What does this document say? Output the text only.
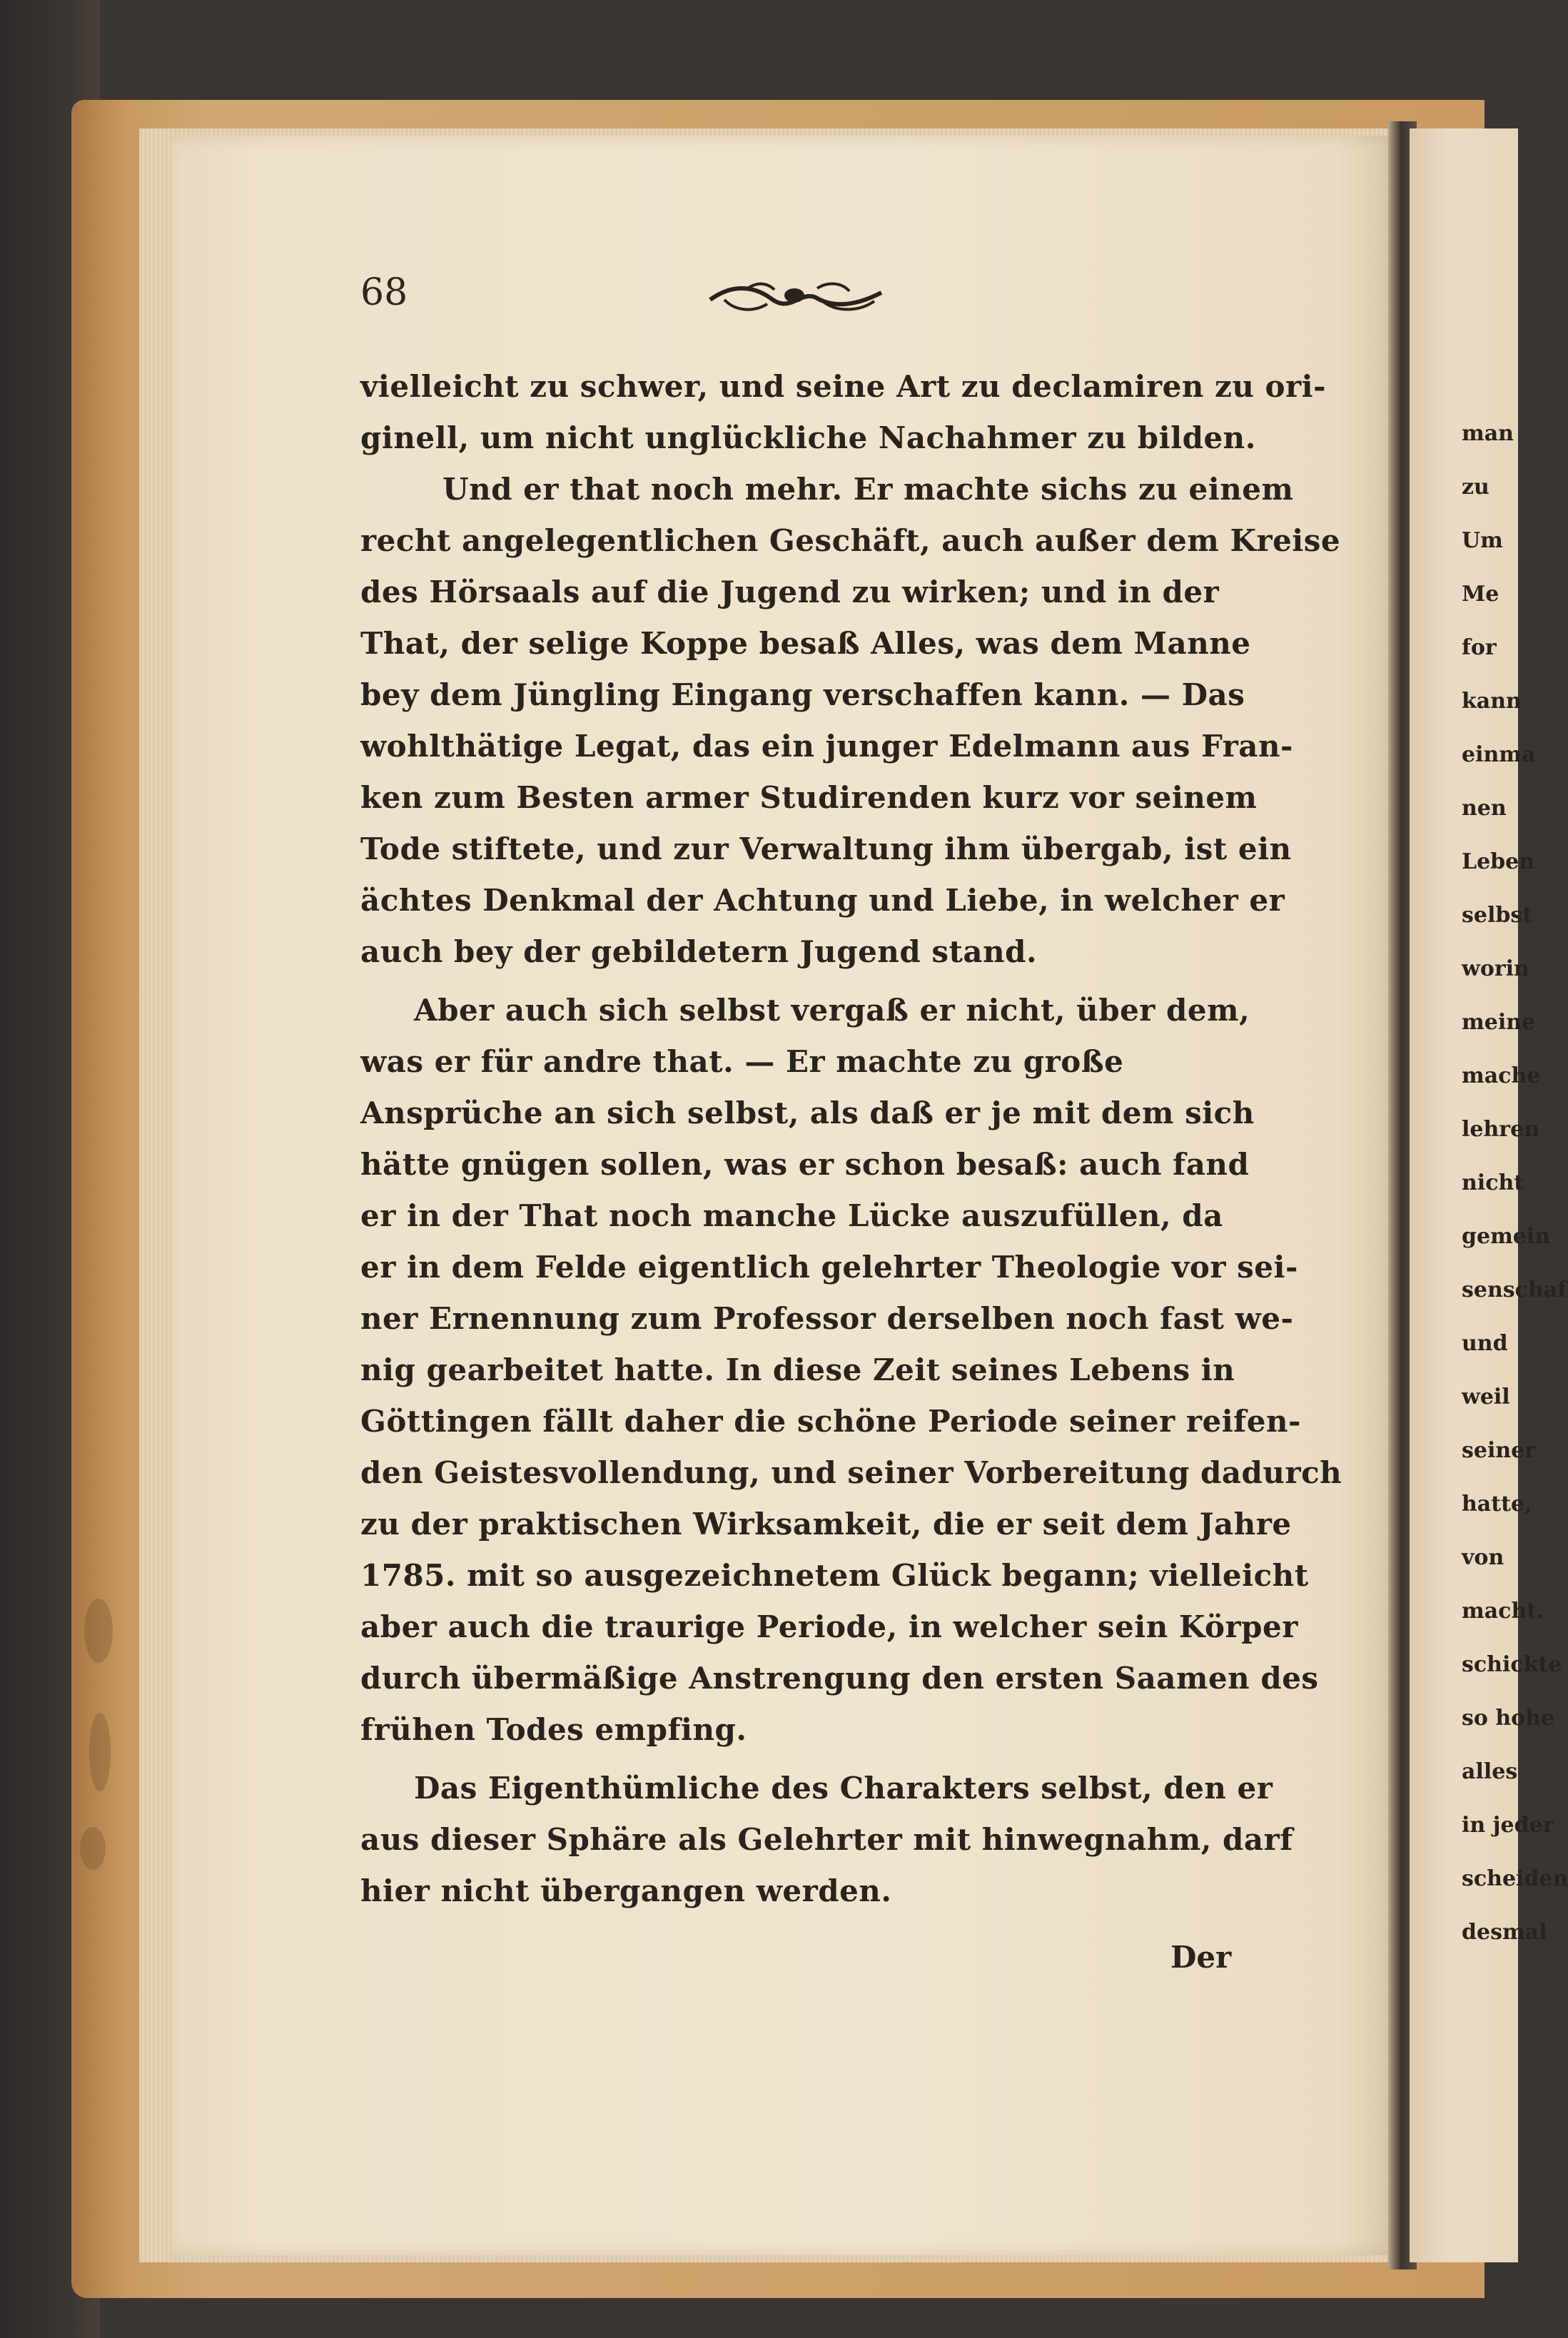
68
vielleicht zu schwer, und seine Art zu declamiren zu ori-
ginell, um nicht unglückliche Nachahmer zu bilden.
Und er that noch mehr. Er machte sichs zu einem
recht angelegentlichen Geschäft, auch außer dem Kreise
des Hörsaals auf die Jugend zu wirken; und in der
That, der selige Koppe besaß Alles, was dem Manne
bey dem Jüngling Eingang verschaffen kann. — Das
wohlthätige Legat, das ein junger Edelmann aus Fran-
ken zum Besten armer Studirenden kurz vor seinem
Tode stiftete, und zur Verwaltung ihm übergab, ist ein
ächtes Denkmal der Achtung und Liebe, in welcher er
auch bey der gebildetern Jugend stand.
Aber auch sich selbst vergaß er nicht, über dem,
was er für andre that. — Er machte zu große
Ansprüche an sich selbst, als daß er je mit dem sich
hätte gnügen sollen, was er schon besaß: auch fand
er in der That noch manche Lücke auszufüllen, da
er in dem Felde eigentlich gelehrter Theologie vor sei-
ner Ernennung zum Professor derselben noch fast we-
nig gearbeitet hatte. In diese Zeit seines Lebens in
Göttingen fällt daher die schöne Periode seiner reifen-
den Geistesvollendung, und seiner Vorbereitung dadurch
zu der praktischen Wirksamkeit, die er seit dem Jahre
1785. mit so ausgezeichnetem Glück begann; vielleicht
aber auch die traurige Periode, in welcher sein Körper
durch übermäßige Anstrengung den ersten Saamen des
frühen Todes empfing.
Das Eigenthümliche des Charakters selbst, den er
aus dieser Sphäre als Gelehrter mit hinwegnahm, darf
hier nicht übergangen werden.
Der
man
zu
Um
Me
for
kann
einma
nen
Leben
selbst
worin
meine
mache
lehren
nicht
gemein
senschaf
und
weil
seiner
hatte,
von
macht.
schickte
so hohe
alles
in jeder
scheiden
desmal
